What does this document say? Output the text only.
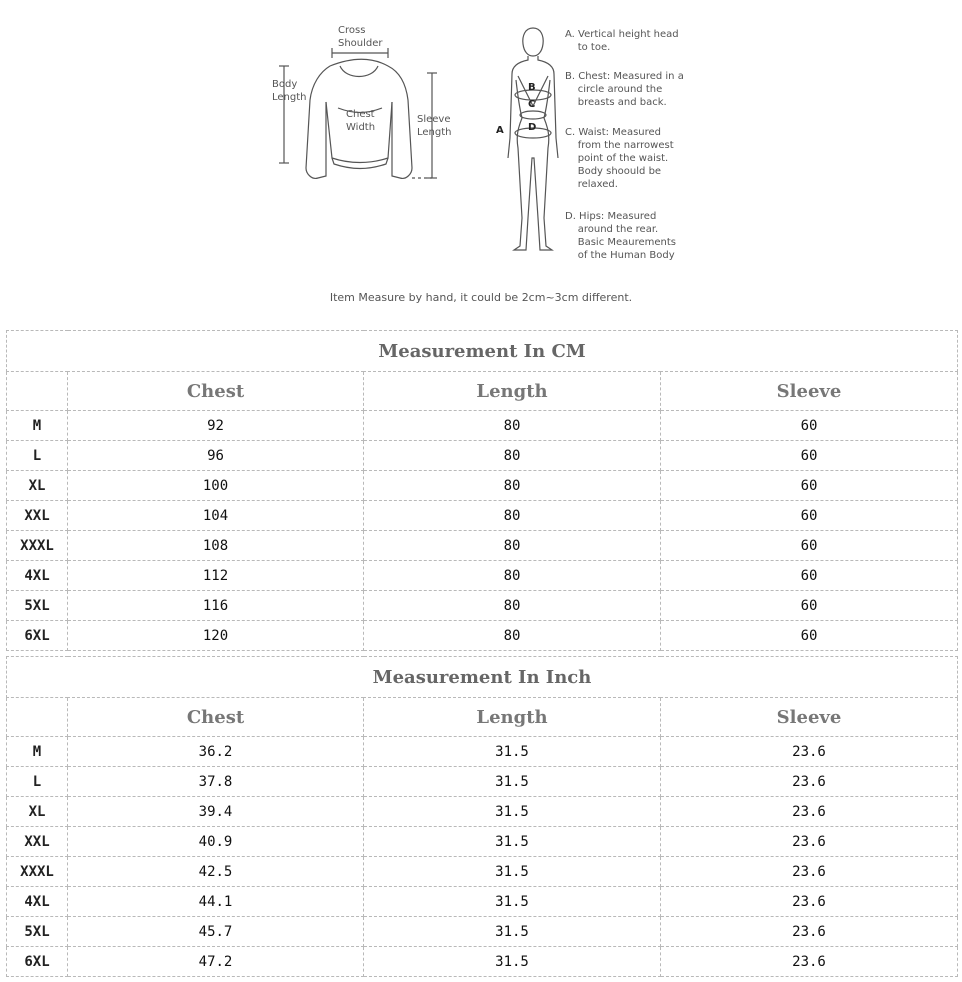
Cross
Shoulder
Body
Length
Chest
Width
Sleeve
Length	A
B
C
D
A. Vertical height head
to toe.
B. Chest: Measured in a
circle around the
breasts and back.
C. Waist: Measured
from the narrowest
point of the waist.
Body shoould be
relaxed.
D. Hips: Measured
around the rear.
Basic Meaurements
of the Human Body
Item Measure by hand, it could be 2cm~3cm different.
Measurement In CM			
	Chest	Length	Sleeve
M	92	80	60
L	96	80	60
XL	100	80	60
XXL	104	80	60
XXXL	108	80	60
4XL	112	80	60
5XL	116	80	60
6XL	120	80	60
Measurement In Inch			
	Chest	Length	Sleeve
M	36.2	31.5	23.6
L	37.8	31.5	23.6
XL	39.4	31.5	23.6
XXL	40.9	31.5	23.6
XXXL	42.5	31.5	23.6
4XL	44.1	31.5	23.6
5XL	45.7	31.5	23.6
6XL	47.2	31.5	23.6
